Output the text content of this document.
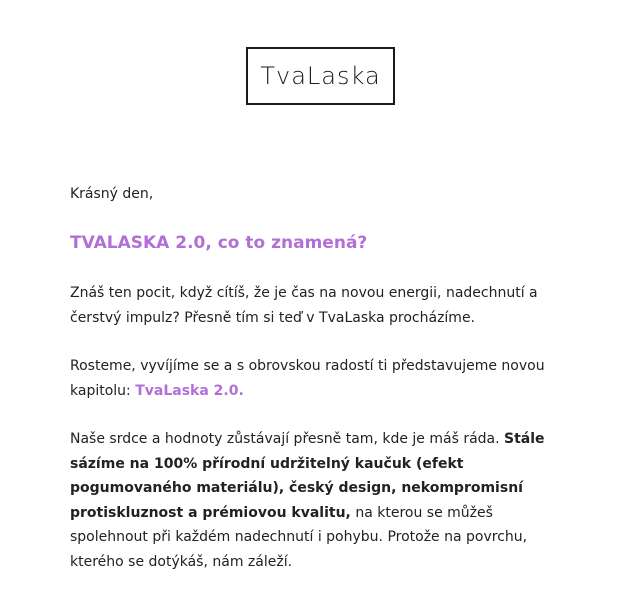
TvaLaska

Krásný den,

TVALASKA 2.0, co to znamená?

Znáš ten pocit, když cítíš, že je čas na novou energii, nadechnutí a čerstvý impulz? Přesně tím si teď v TvaLaska procházíme.

Rosteme, vyvíjíme se a s obrovskou radostí ti představujeme novou kapitolu: TvaLaska 2.0.

Naše srdce a hodnoty zůstávají přesně tam, kde je máš ráda. Stále sázíme na 100% přírodní udržitelný kaučuk (efekt pogumovaného materiálu), český design, nekompromisní protiskluznost a prémiovou kvalitu, na kterou se můžeš spolehnout při každém nadechnutí i pohybu. Protože na povrchu, kterého se dotýkáš, nám záleží.
